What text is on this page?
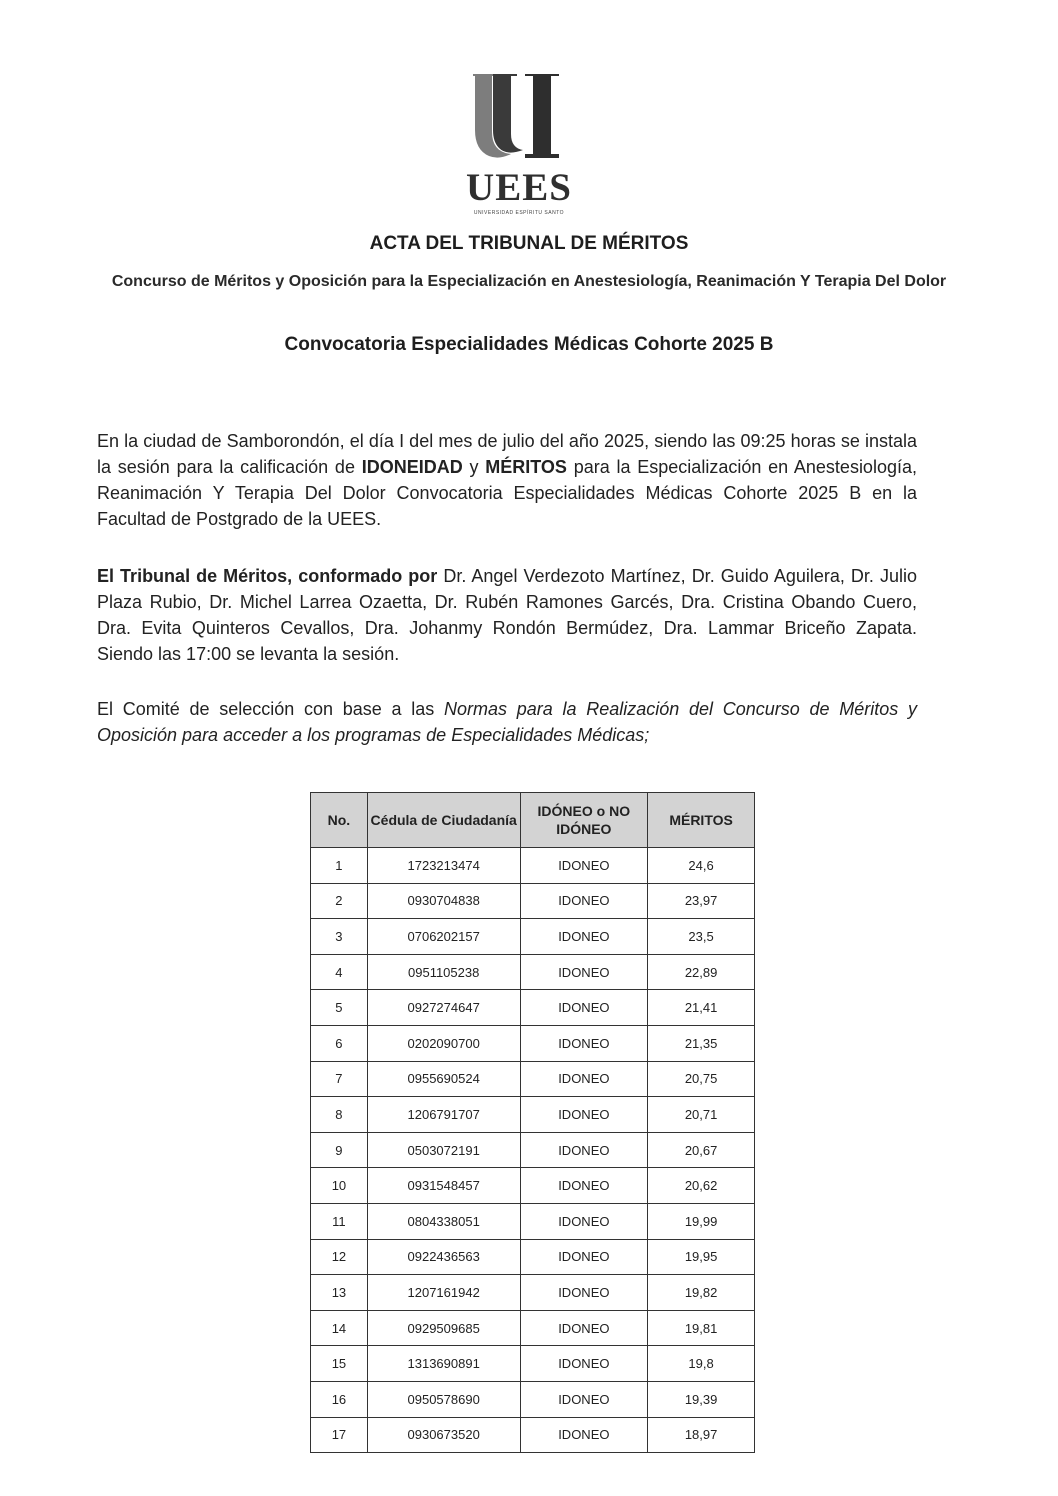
UEES
UNIVERSIDAD ESPÍRITU SANTO
ACTA DEL TRIBUNAL DE MÉRITOS

Concurso de Méritos y Oposición para la Especialización en Anestesiología, Reanimación Y Terapia Del Dolor

Convocatoria Especialidades Médicas Cohorte 2025 B

En la ciudad de Samborondón, el día I del mes de julio del año 2025, siendo las 09:25 horas se instala la sesión para la calificación de IDONEIDAD y MÉRITOS para la Especialización en Anestesiología, Reanimación Y Terapia Del Dolor Convocatoria Especialidades Médicas Cohorte 2025 B en la Facultad de Postgrado de la UEES.

El Tribunal de Méritos, conformado por Dr. Angel Verdezoto Martínez, Dr. Guido Aguilera, Dr. Julio Plaza Rubio, Dr. Michel Larrea Ozaetta, Dr. Rubén Ramones Garcés, Dra. Cristina Obando Cuero, Dra. Evita Quinteros Cevallos, Dra. Johanmy Rondón Bermúdez, Dra. Lammar Briceño Zapata. Siendo las 17:00 se levanta la sesión.

El Comité de selección con base a las Normas para la Realización del Concurso de Méritos y Oposición para acceder a los programas de Especialidades Médicas;

No.	Cédula de Ciudadanía	IDÓNEO o NO IDÓNEO	MÉRITOS
1	1723213474	IDONEO	24,6
2	0930704838	IDONEO	23,97
3	0706202157	IDONEO	23,5
4	0951105238	IDONEO	22,89
5	0927274647	IDONEO	21,41
6	0202090700	IDONEO	21,35
7	0955690524	IDONEO	20,75
8	1206791707	IDONEO	20,71
9	0503072191	IDONEO	20,67
10	0931548457	IDONEO	20,62
11	0804338051	IDONEO	19,99
12	0922436563	IDONEO	19,95
13	1207161942	IDONEO	19,82
14	0929509685	IDONEO	19,81
15	1313690891	IDONEO	19,8
16	0950578690	IDONEO	19,39
17	0930673520	IDONEO	18,97
